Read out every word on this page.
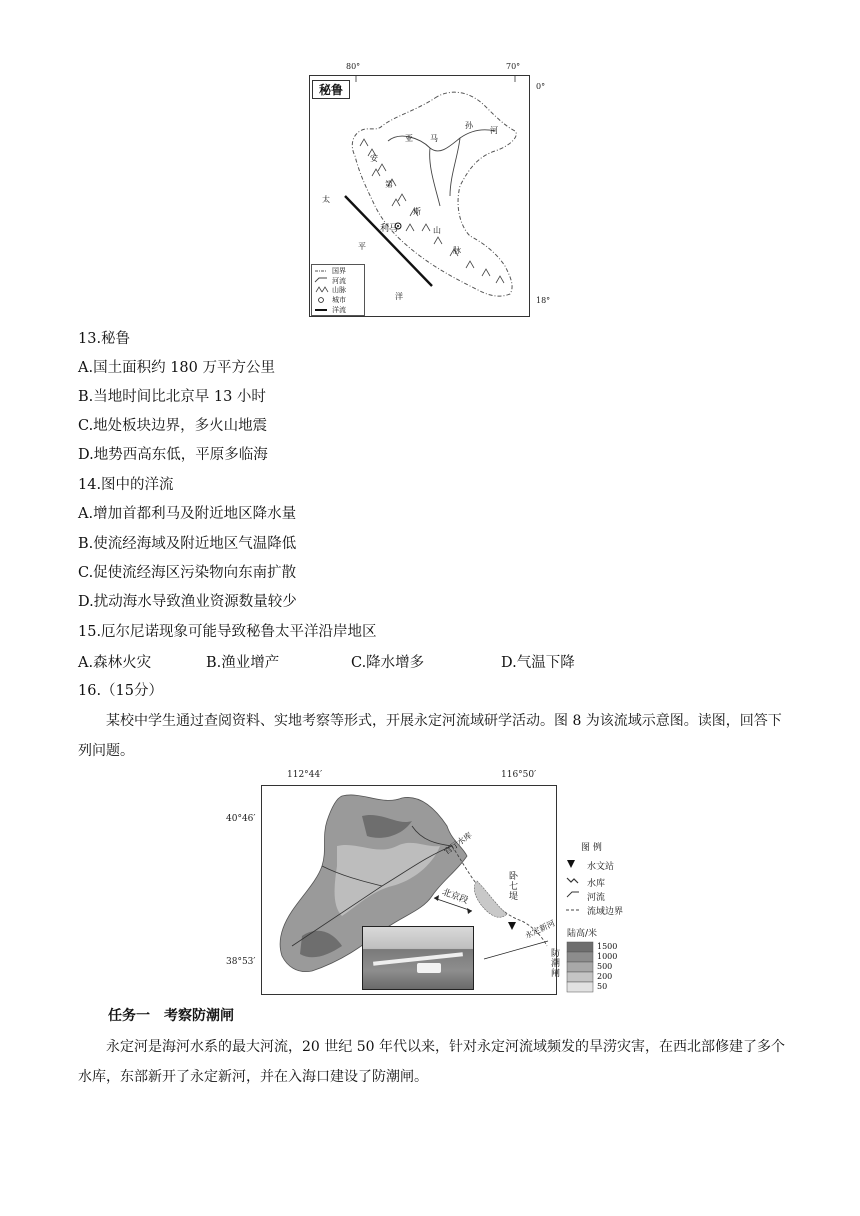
80°	70°
0°
18°
秘鲁
亚 马
孙
河
安
第
斯
山
脉
太
平
洋
利马
国界
河流
山脉
城市
洋流
13.秘鲁
A.国土面积约 180 万平方公里
B.当地时间比北京早 13 小时
C.地处板块边界，多火山地震
D.地势西高东低，平原多临海
14.图中的洋流
A.增加首都利马及附近地区降水量
B.使流经海域及附近地区气温降低
C.促使流经海区污染物向东南扩散
D.扰动海水导致渔业资源数量较少
15.厄尔尼诺现象可能导致秘鲁太平洋沿岸地区
A.森林火灾	B.渔业增产	C.降水增多	D.气温下降
16.（15分）
某校中学生通过查阅资料、实地考察等形式，开展永定河流域研学活动。图 8 为该流域示意图。读图，回答下列问题。
112°44′	116°50′
40°46′
38°53′
官厅水库
北京段	卧七堤
永定新河
防潮闸
图 例
水文站
水库
河流
流域边界
陆高/米
1500
1000
500
200
50
任务一　考察防潮闸
永定河是海河水系的最大河流，20 世纪 50 年代以来，针对永定河流域频发的旱涝灾害，在西北部修建了多个水库，东部新开了永定新河，并在入海口建设了防潮闸。
